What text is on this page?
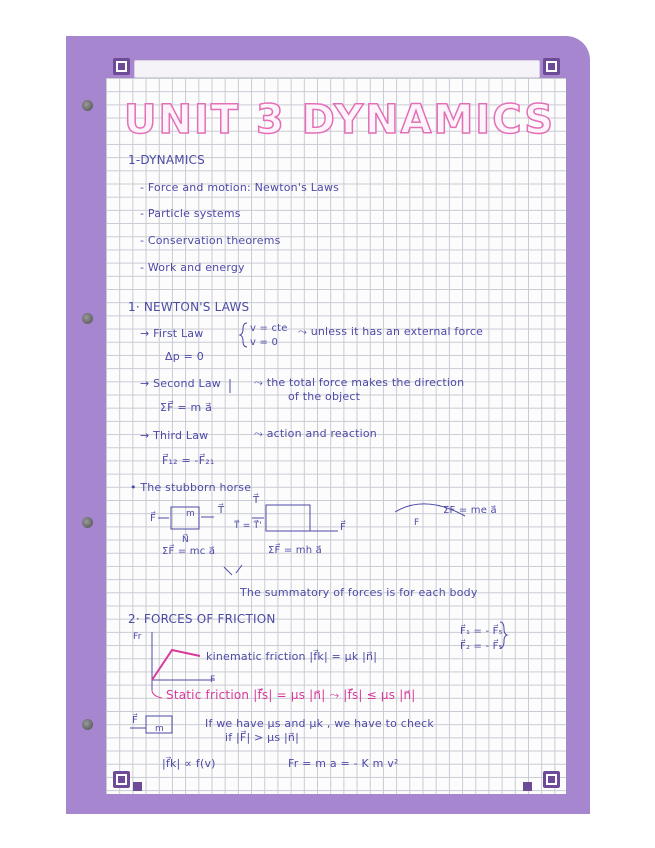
UNIT 3 DYNAMICS
1-DYNAMICS
- Force and motion: Newton's Laws
- Particle systems
- Conservation theorems
- Work and energy
1· NEWTON'S LAWS
→ First Law	v = cte
v = 0
⤳ unless it has an external force
Δp = 0
→ Second Law	⤳ the total force makes the direction
of the object
ΣF⃗ = m a⃗
→ Third Law	⤳ action and reaction
F⃗₁₂ = -F⃗₂₁
• The stubborn horse
F⃗	m T⃗
N⃗
T⃗
T⃗ = T⃗'	F⃗
ΣF⃗ = mc a⃗	ΣF⃗ = mh a⃗
ΣF = me a⃗
F
The summatory of forces is for each body
2· FORCES OF FRICTION
F⃗₁ = - F⃗₅
F⃗₂ = - F⃗₅
Fr
F
kinematic friction |f⃗k| = μk |n⃗|
Static friction |f⃗s| = μs |n⃗| ⤳ |f⃗s| ≤ μs |n⃗|
F⃗
m	If we have μs and μk , we have to check
if |F⃗| > μs |n⃗|
|f⃗k| ∝ f(v)	Fr = m a = - K m v²
